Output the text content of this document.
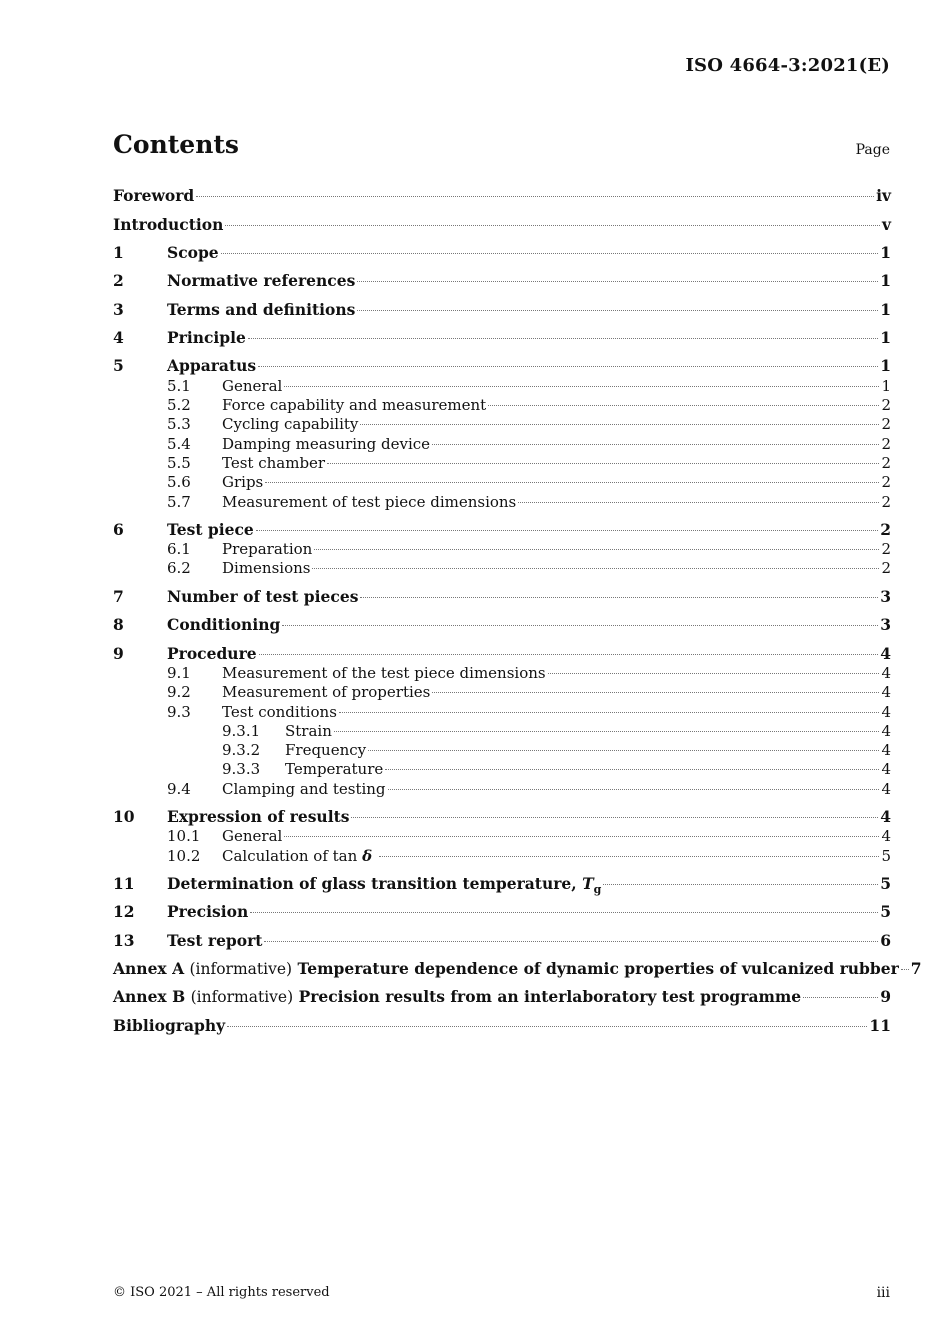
ISO 4664-3:2021(E)
Contents	Page
Foreword	iv
Introduction	v
1	Scope	1
2	Normative references	1
3	Terms and definitions	1
4	Principle	1
5	Apparatus	1
5.1	General	1
5.2	Force capability and measurement	2
5.3	Cycling capability	2
5.4	Damping measuring device	2
5.5	Test chamber	2
5.6	Grips	2
5.7	Measurement of test piece dimensions	2
6	Test piece	2
6.1	Preparation	2
6.2	Dimensions	2
7	Number of test pieces	3
8	Conditioning	3
9	Procedure	4
9.1	Measurement of the test piece dimensions	4
9.2	Measurement of properties	4
9.3	Test conditions	4
9.3.1	Strain	4
9.3.2	Frequency	4
9.3.3	Temperature	4
9.4	Clamping and testing	4
10	Expression of results	4
10.1	General	4
10.2	Calculation of tan δ	5
11	Determination of glass transition temperature, $T_g$	5
12	Precision	5
13	Test report	6
Annex A (informative) Temperature dependence of dynamic properties of vulcanized rubber 7
Annex B (informative) Precision results from an interlaboratory test programme	9
Bibliography	11
© ISO 2021 – All rights reserved	iii
